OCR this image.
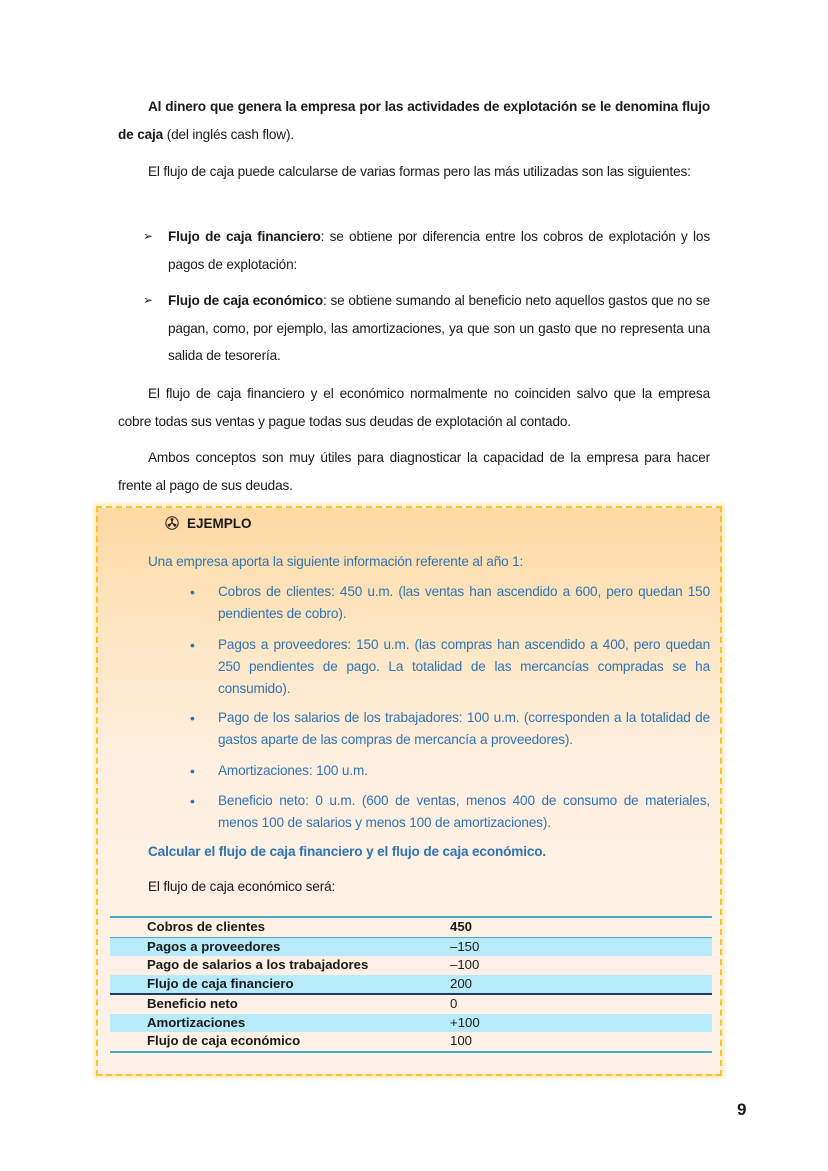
Al dinero que genera la empresa por las actividades de explotación se le denomina flujo de caja (del inglés cash flow).

El flujo de caja puede calcularse de varias formas pero las más utilizadas son las siguientes:

➢	Flujo de caja financiero: se obtiene por diferencia entre los cobros de explotación y los pagos de explotación:
➢	Flujo de caja económico: se obtiene sumando al beneficio neto aquellos gastos que no se pagan, como, por ejemplo, las amortizaciones, ya que son un gasto que no representa una salida de tesorería.

El flujo de caja financiero y el económico normalmente no coinciden salvo que la empresa cobre todas sus ventas y pague todas sus deudas de explotación al contado.

Ambos conceptos son muy útiles para diagnosticar la capacidad de la empresa para hacer frente al pago de sus deudas.

EJEMPLO

Una empresa aporta la siguiente información referente al año 1:

• Cobros de clientes: 450 u.m. (las ventas han ascendido a 600, pero quedan 150 pendientes de cobro).
• Pagos a proveedores: 150 u.m. (las compras han ascendido a 400, pero quedan 250 pendientes de pago. La totalidad de las mercancías compradas se ha consumido).
• Pago de los salarios de los trabajadores: 100 u.m. (corresponden a la totalidad de gastos aparte de las compras de mercancía a proveedores).
• Amortizaciones: 100 u.m.
• Beneficio neto: 0 u.m. (600 de ventas, menos 400 de consumo de materiales, menos 100 de salarios y menos 100 de amortizaciones).

Calcular el flujo de caja financiero y el flujo de caja económico.

El flujo de caja económico será:

Cobros de clientes	450
Pagos a proveedores	–150
Pago de salarios a los trabajadores	–100
Flujo de caja financiero	200
Beneficio neto	0
Amortizaciones	+100
Flujo de caja económico	100
9
